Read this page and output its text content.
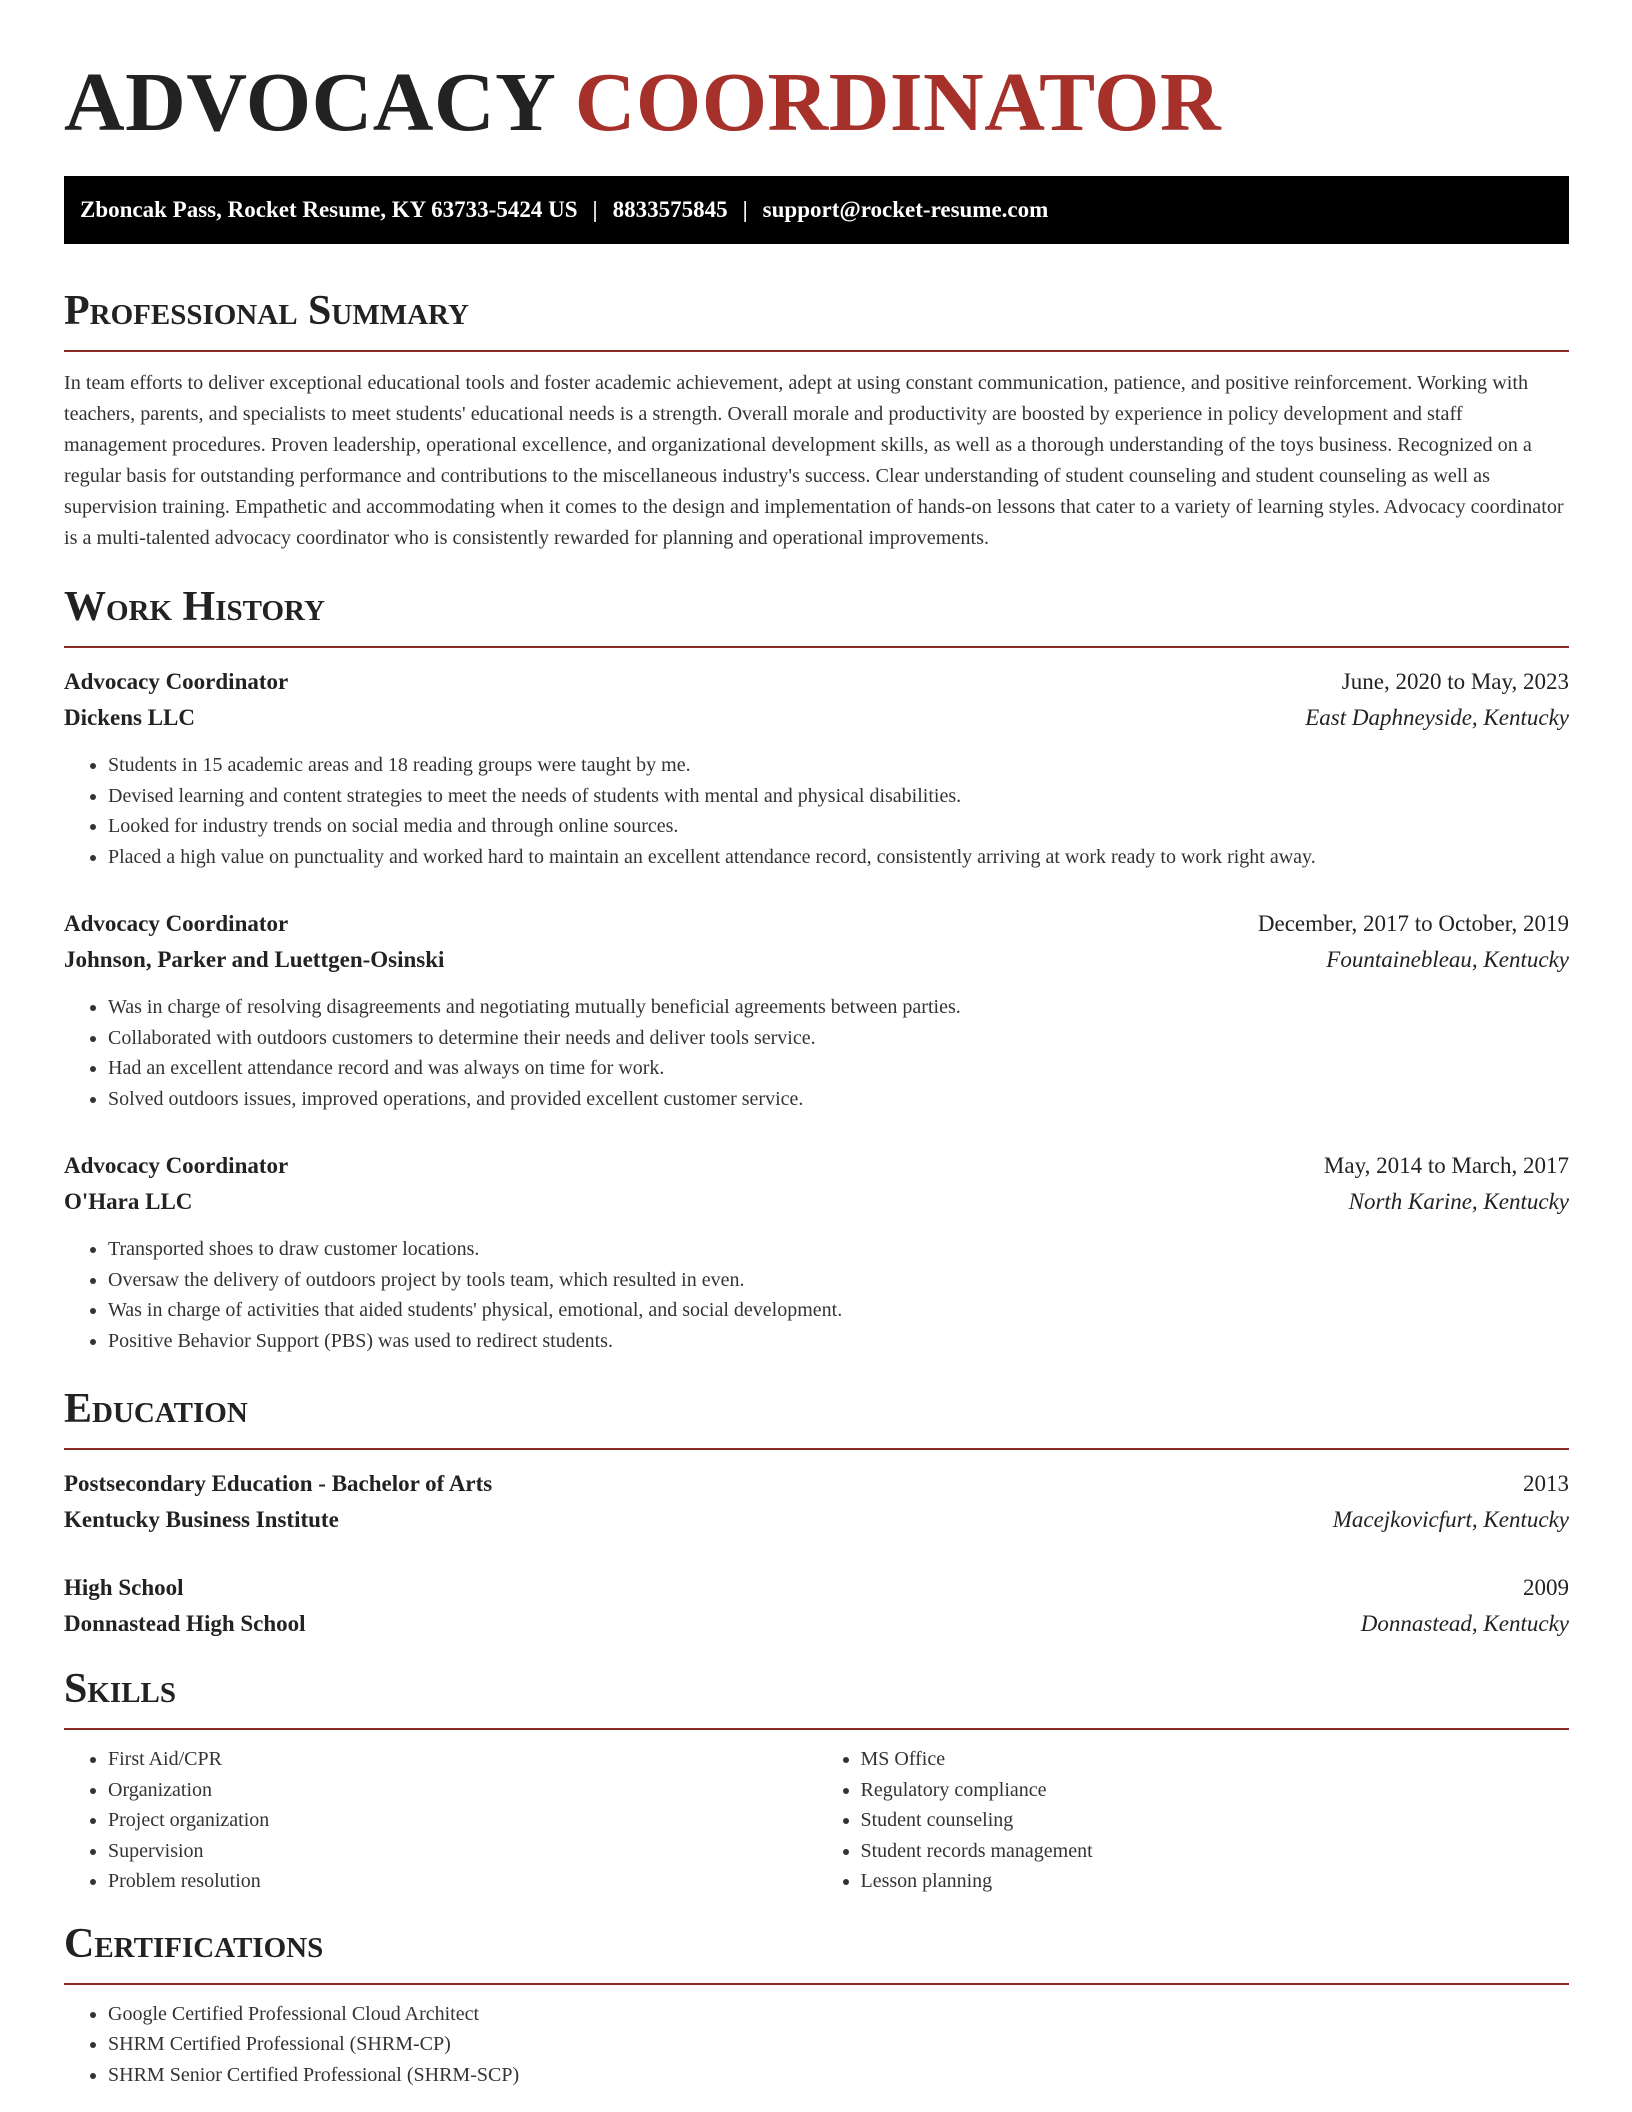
ADVOCACY COORDINATOR
Zboncak Pass, Rocket Resume, KY 63733-5424 US | 8833575845 | support@rocket-resume.com
Professional Summary

In team efforts to deliver exceptional educational tools and foster academic achievement, adept at using constant communication, patience, and positive reinforcement. Working with teachers, parents, and specialists to meet students' educational needs is a strength. Overall morale and productivity are boosted by experience in policy development and staff management procedures. Proven leadership, operational excellence, and organizational development skills, as well as a thorough understanding of the toys business. Recognized on a regular basis for outstanding performance and contributions to the miscellaneous industry's success. Clear understanding of student counseling and student counseling as well as supervision training. Empathetic and accommodating when it comes to the design and implementation of hands-on lessons that cater to a variety of learning styles. Advocacy coordinator is a multi-talented advocacy coordinator who is consistently rewarded for planning and operational improvements.

Work History
Advocacy Coordinator	June, 2020 to May, 2023
Dickens LLC	East Daphneyside, Kentucky
• Students in 15 academic areas and 18 reading groups were taught by me.
• Devised learning and content strategies to meet the needs of students with mental and physical disabilities.
• Looked for industry trends on social media and through online sources.
• Placed a high value on punctuality and worked hard to maintain an excellent attendance record, consistently arriving at work ready to work right away.
Advocacy Coordinator	December, 2017 to October, 2019
Johnson, Parker and Luettgen-Osinski	Fountainebleau, Kentucky
• Was in charge of resolving disagreements and negotiating mutually beneficial agreements between parties.
• Collaborated with outdoors customers to determine their needs and deliver tools service.
• Had an excellent attendance record and was always on time for work.
• Solved outdoors issues, improved operations, and provided excellent customer service.
Advocacy Coordinator	May, 2014 to March, 2017
O'Hara LLC	North Karine, Kentucky
• Transported shoes to draw customer locations.
• Oversaw the delivery of outdoors project by tools team, which resulted in even.
• Was in charge of activities that aided students' physical, emotional, and social development.
• Positive Behavior Support (PBS) was used to redirect students.
Education
Postsecondary Education - Bachelor of Arts	2013
Kentucky Business Institute	Macejkovicfurt, Kentucky
High School	2009
Donnastead High School	Donnastead, Kentucky
Skills
• First Aid/CPR
• Organization
• Project organization
• Supervision
• Problem resolution
• MS Office
• Regulatory compliance
• Student counseling
• Student records management
• Lesson planning
Certifications
• Google Certified Professional Cloud Architect
• SHRM Certified Professional (SHRM-CP)
• SHRM Senior Certified Professional (SHRM-SCP)
